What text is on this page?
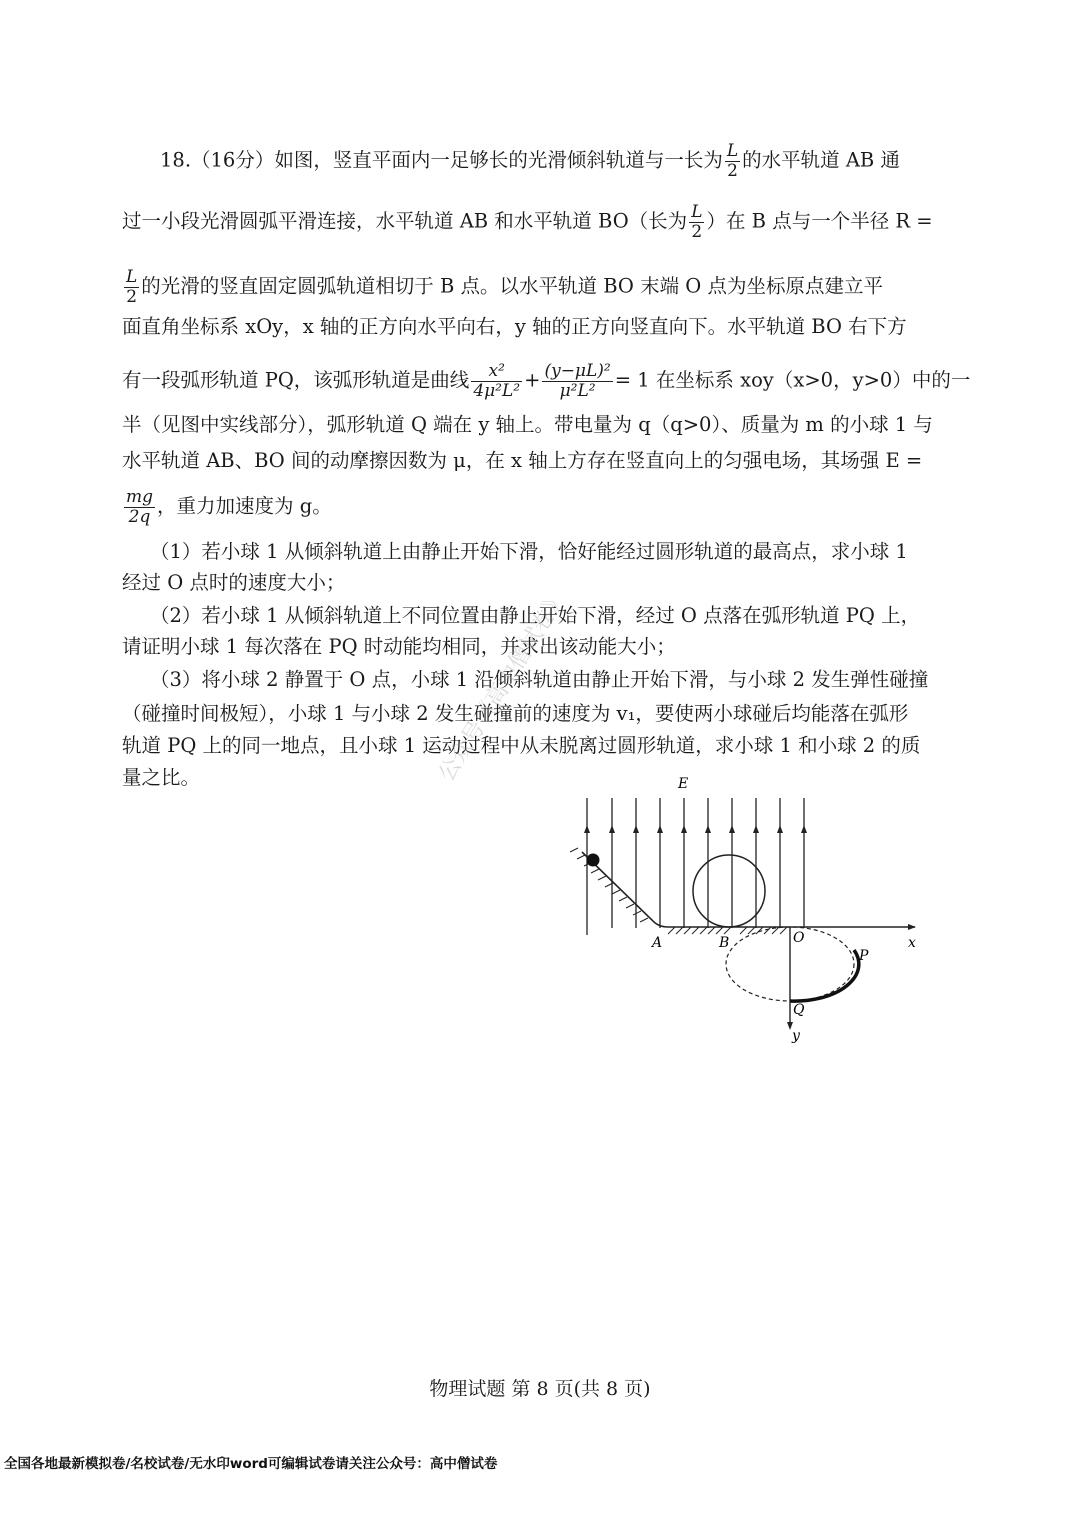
18.（16分）如图，竖直平面内一足够长的光滑倾斜轨道与一长为 $\frac{L}{2}$ 的水平轨道 AB 通
过一小段光滑圆弧平滑连接，水平轨道 AB 和水平轨道 BO（长为 $\frac{L}{2}$ ）在 B 点与一个半径 R =
$\frac{L}{2}$ 的光滑的竖直固定圆弧轨道相切于 B 点。以水平轨道 BO 末端 O 点为坐标原点建立平
面直角坐标系 xOy，x 轴的正方向水平向右，y 轴的正方向竖直向下。水平轨道 BO 右下方
有一段弧形轨道 PQ，该弧形轨道是曲线 $\frac{\text{x²}}{\text{4μ²L²}} + \frac{\text{(y−μL)²}}{\text{μ²L²}} = 1$ 在坐标系 xoy（x>0，y>0）中的一
半（见图中实线部分），弧形轨道 Q 端在 y 轴上。带电量为 q（q>0）、质量为 m 的小球 1 与
水平轨道 AB、BO 间的动摩擦因数为 μ，在 x 轴上方存在竖直向上的匀强电场，其场强 E =
$\frac{mg}{2q}$ ，重力加速度为 g。
（1）若小球 1 从倾斜轨道上由静止开始下滑，恰好能经过圆形轨道的最高点，求小球 1
经过 O 点时的速度大小；
（2）若小球 1 从倾斜轨道上不同位置由静止开始下滑，经过 O 点落在弧形轨道 PQ 上，
请证明小球 1 每次落在 PQ 时动能均相同，并求出该动能大小；
（3）将小球 2 静置于 O 点，小球 1 沿倾斜轨道由静止开始下滑，与小球 2 发生弹性碰撞
（碰撞时间极短），小球 1 与小球 2 发生碰撞前的速度为 v₁，要使两小球碰后均能落在弧形
轨道 PQ 上的同一地点，且小球 1 运动过程中从未脱离过圆形轨道，求小球 1 和小球 2 的质
量之比。	公众号《高中僧试卷》	E
A	B	O	x
P
Q
y
物理试题 第 8 页(共 8 页)
全国各地最新模拟卷/名校试卷/无水印word可编辑试卷请关注公众号：高中僧试卷
